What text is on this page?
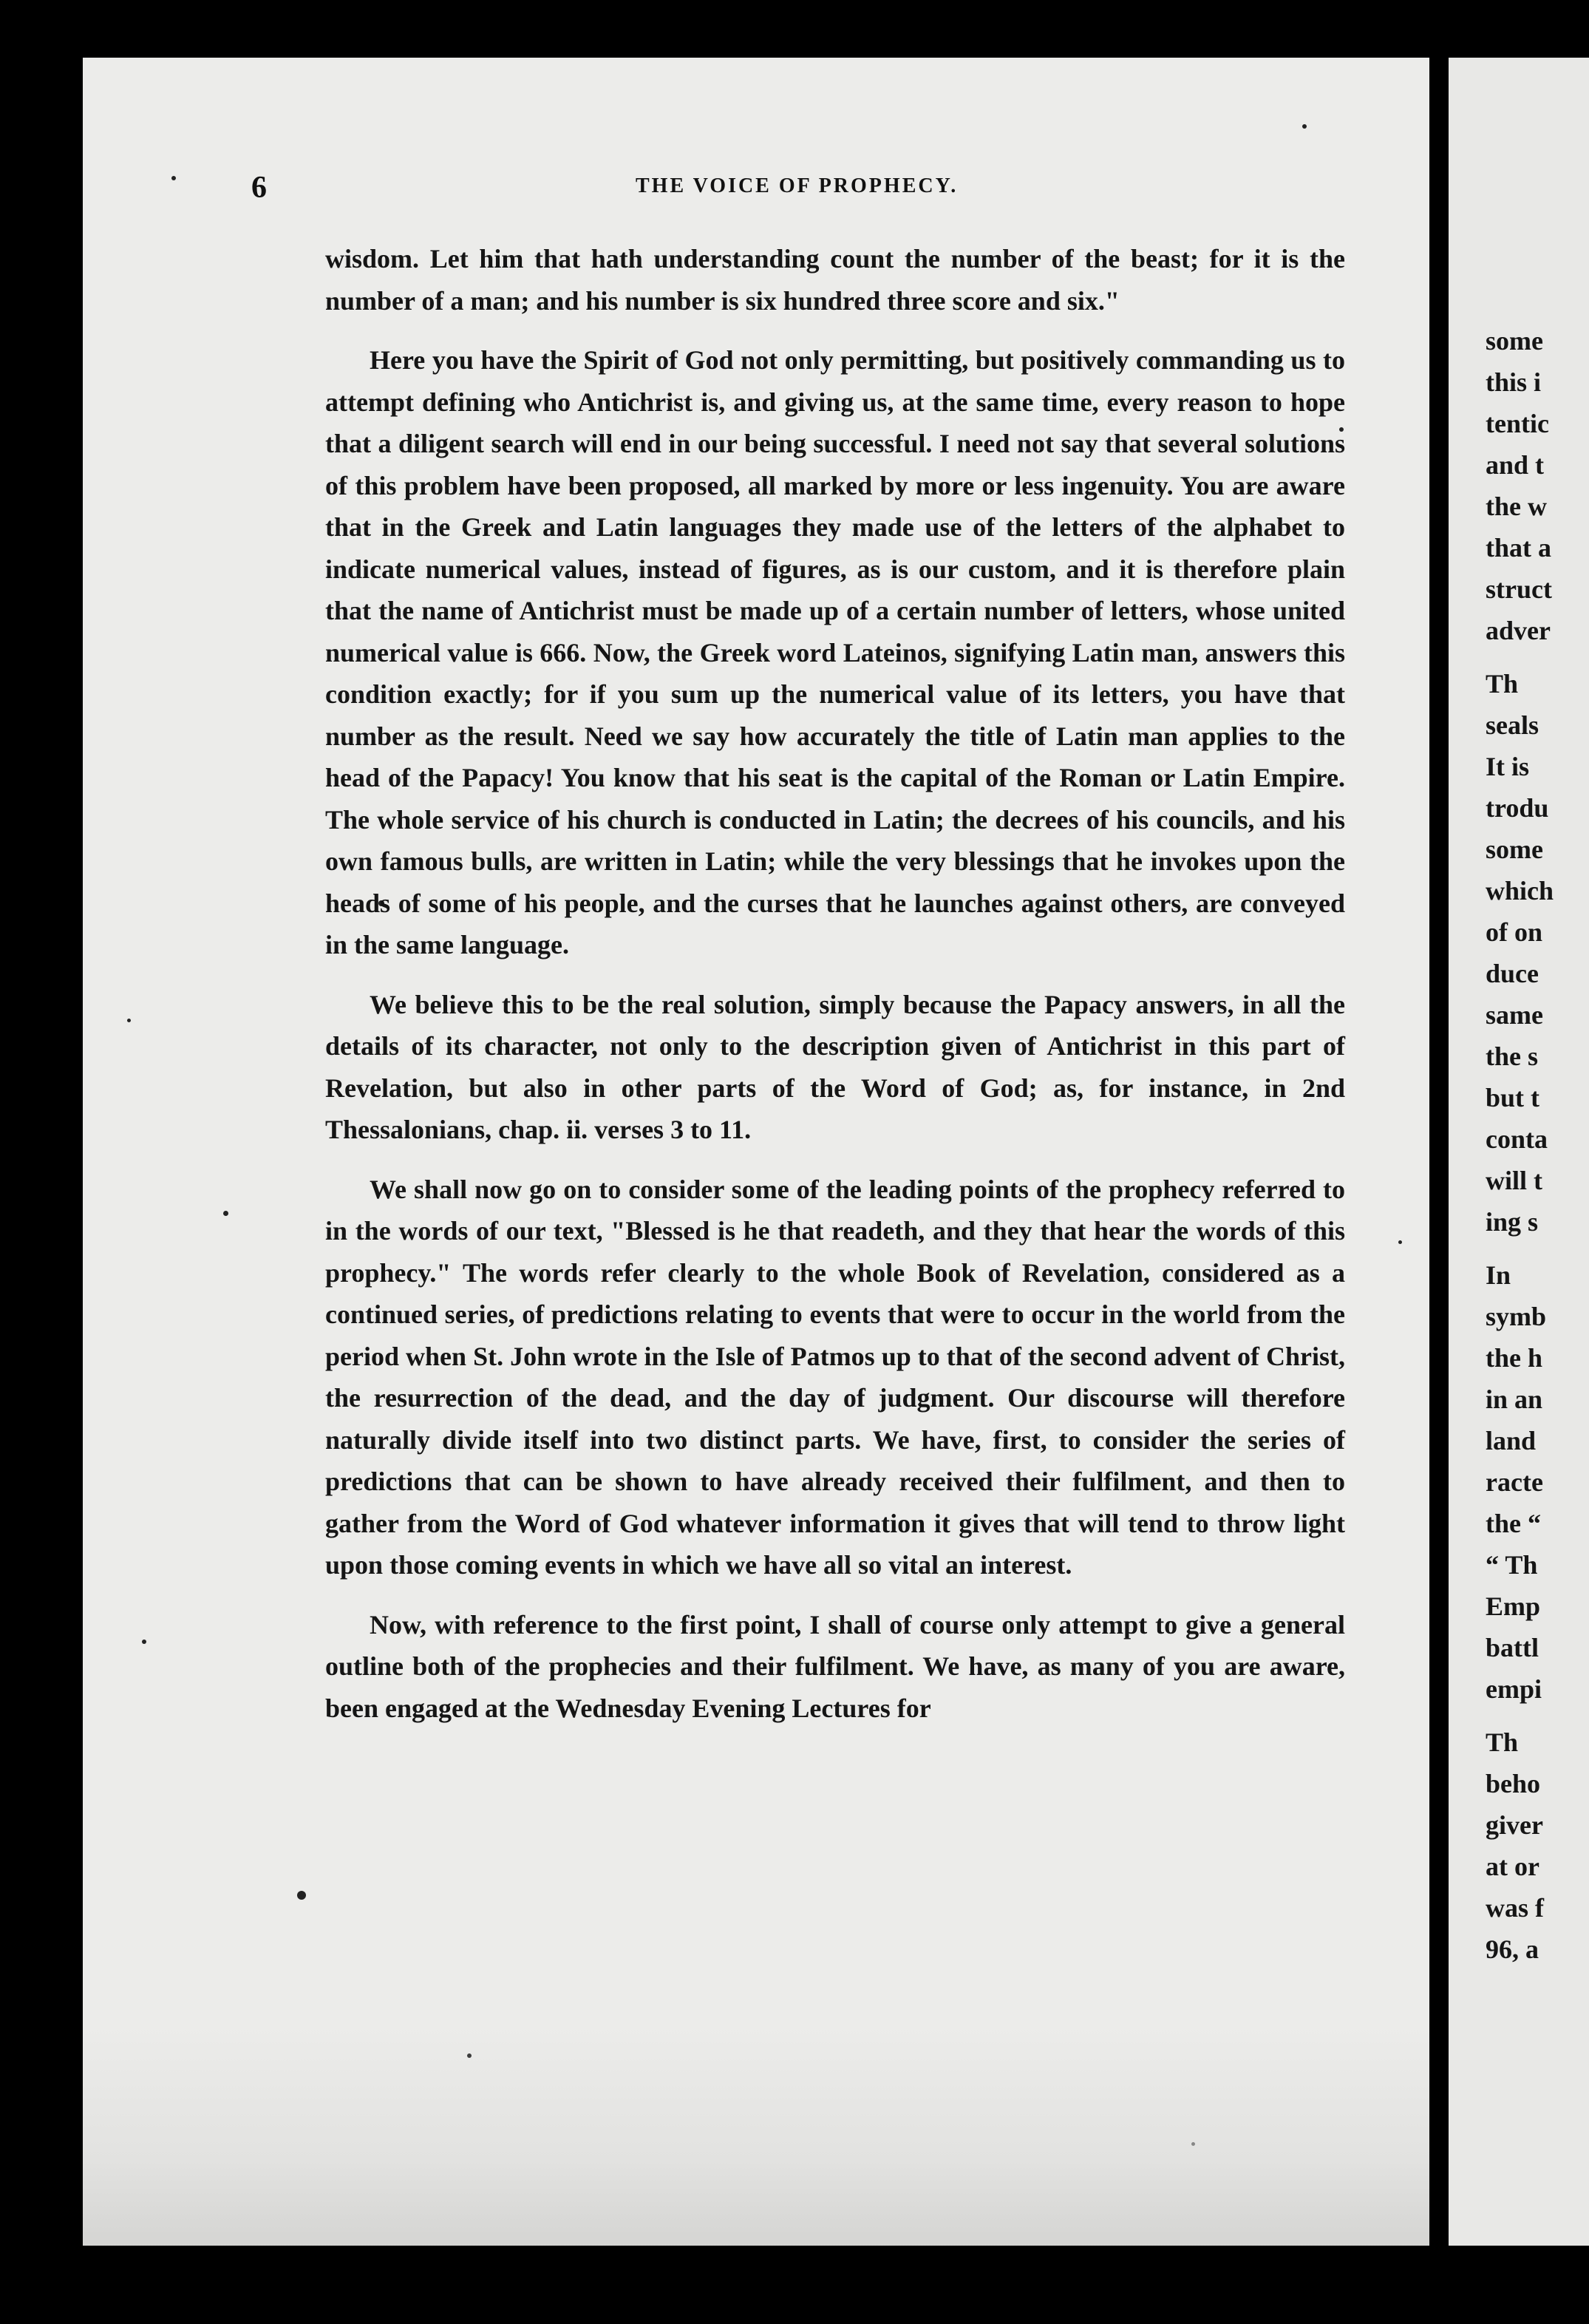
6	THE VOICE OF PROPHECY.

wisdom. Let him that hath understanding count the number of the beast; for it is the number of a man; and his number is six hundred three score and six."

Here you have the Spirit of God not only permitting, but positively commanding us to attempt defining who Antichrist is, and giving us, at the same time, every reason to hope that a diligent search will end in our being successful. I need not say that several solutions of this problem have been proposed, all marked by more or less ingenuity. You are aware that in the Greek and Latin languages they made use of the letters of the alphabet to indicate numerical values, instead of figures, as is our custom, and it is therefore plain that the name of Antichrist must be made up of a certain number of letters, whose united numerical value is 666. Now, the Greek word Lateinos, signifying Latin man, answers this condition exactly; for if you sum up the numerical value of its letters, you have that number as the result. Need we say how accurately the title of Latin man applies to the head of the Papacy! You know that his seat is the capital of the Roman or Latin Empire. The whole service of his church is conducted in Latin; the decrees of his councils, and his own famous bulls, are written in Latin; while the very blessings that he invokes upon the heads of some of his people, and the curses that he launches against others, are conveyed in the same language.

We believe this to be the real solution, simply because the Papacy answers, in all the details of its character, not only to the description given of Antichrist in this part of Revelation, but also in other parts of the Word of God; as, for instance, in 2nd Thessalonians, chap. ii. verses 3 to 11.

We shall now go on to consider some of the leading points of the prophecy referred to in the words of our text, "Blessed is he that readeth, and they that hear the words of this prophecy." The words refer clearly to the whole Book of Revelation, considered as a continued series, of predictions relating to events that were to occur in the world from the period when St. John wrote in the Isle of Patmos up to that of the second advent of Christ, the resurrection of the dead, and the day of judgment. Our discourse will therefore naturally divide itself into two distinct parts. We have, first, to consider the series of predictions that can be shown to have already received their fulfilment, and then to gather from the Word of God whatever information it gives that will tend to throw light upon those coming events in which we have all so vital an interest.

Now, with reference to the first point, I shall of course only attempt to give a general outline both of the prophecies and their fulfilment. We have, as many of you are aware, been engaged at the Wednesday Evening Lectures for

some
this i
tentic
and t
the w
that a
struct
adver
Th
seals
It is
trodu
some
which
of on
duce
same
the s
but t
conta
will t
ing s
In
symb
the h
in an
land
racte
the “
“ Th
Emp
battl
empi
Th
beho
giver
at or
was f
96, a
